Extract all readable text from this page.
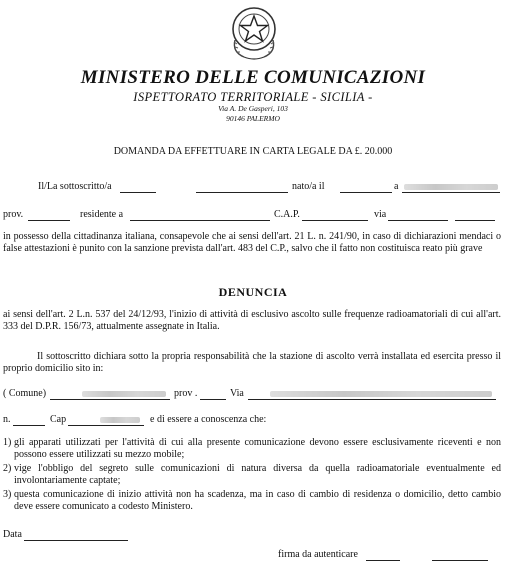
MINISTERO DELLE COMUNICAZIONI
ISPETTORATO TERRITORIALE - SICILIA -
Via A. De Gasperi, 103
90146 PALERMO
DOMANDA DA EFFETTUARE IN CARTA LEGALE DA £. 20.000
Il/La sottoscritto/a	nato/a il	a
prov.	residente a	C.A.P.	via
in possesso della cittadinanza italiana, consapevole che ai sensi dell'art. 21 L. n. 241/90, in caso di dichiarazioni mendaci o false attestazioni è punito con la sanzione prevista dall'art. 483 del C.P., salvo che il fatto non costituisca reato più grave
DENUNCIA
ai sensi dell'art. 2 L.n. 537 del 24/12/93, l'inizio di attività di esclusivo ascolto sulle frequenze radioamatoriali di cui all'art. 333 del D.P.R. 156/73, attualmente assegnate in Italia.
Il sottoscritto dichiara sotto la propria responsabilità che la stazione di ascolto verrà installata ed esercita presso il proprio domicilio sito in:
( Comune)	prov .	Via
n.	Cap	e di essere a conoscenza che:
1) gli apparati utilizzati per l'attività di cui alla presente comunicazione devono essere esclusivamente riceventi e non possono essere utilizzati su mezzo mobile;
2) vige l'obbligo del segreto sulle comunicazioni di natura diversa da quella radioamatoriale eventualmente ed involontariamente captate;
3) questa comunicazione di inizio attività non ha scadenza, ma in caso di cambio di residenza o domicilio, detto cambio deve essere comunicato a codesto Ministero.
Data
firma da autenticare
